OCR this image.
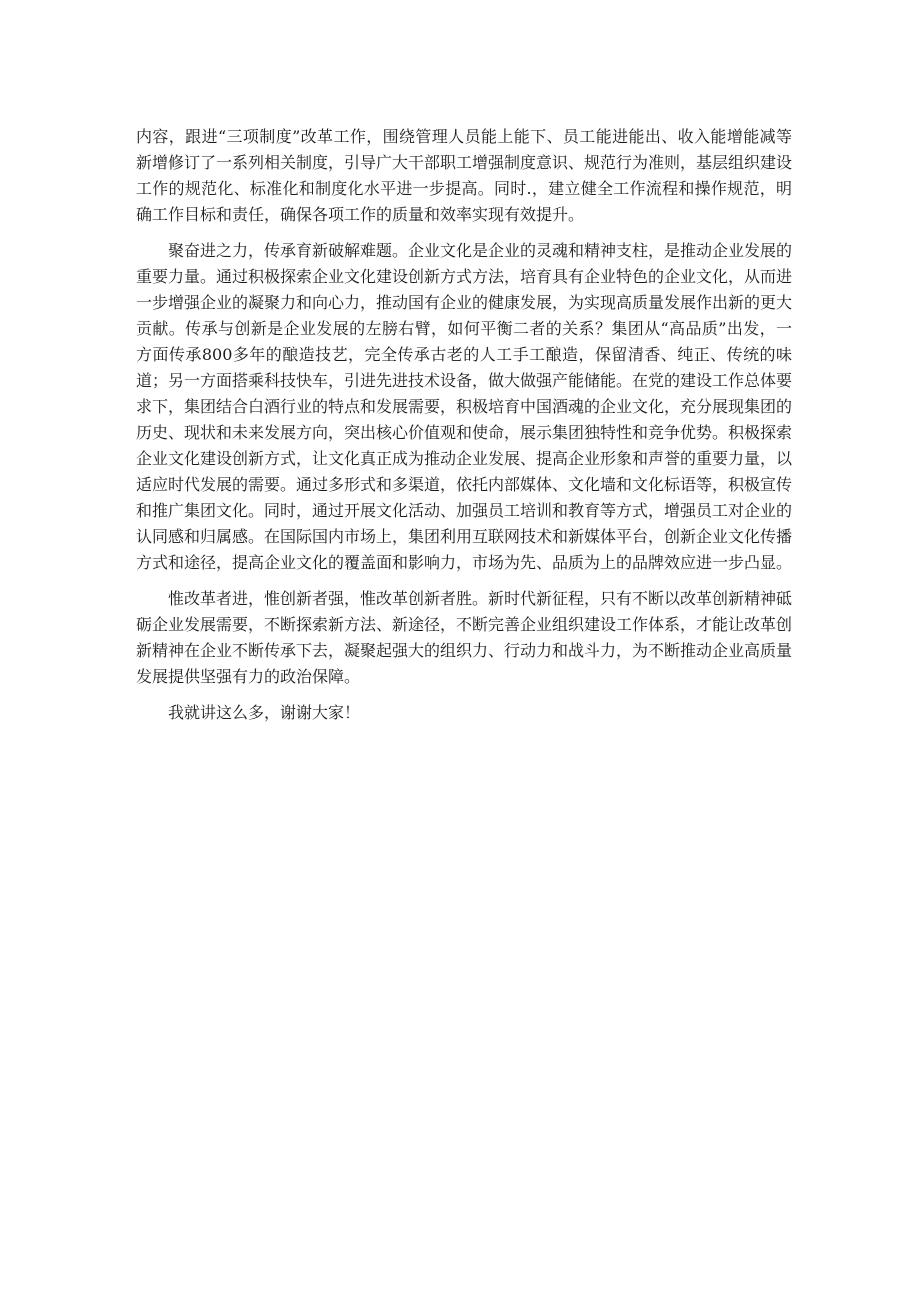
内容，跟进“三项制度”改革工作，围绕管理人员能上能下、员工能进能出、收入能增能减等新增修订了一系列相关制度，引导广大干部职工增强制度意识、规范行为准则，基层组织建设工作的规范化、标准化和制度化水平进一步提高。同时.，建立健全工作流程和操作规范，明确工作目标和责任，确保各项工作的质量和效率实现有效提升。

聚奋进之力，传承育新破解难题。企业文化是企业的灵魂和精神支柱，是推动企业发展的重要力量。通过积极探索企业文化建设创新方式方法，培育具有企业特色的企业文化，从而进一步增强企业的凝聚力和向心力，推动国有企业的健康发展，为实现高质量发展作出新的更大贡献。传承与创新是企业发展的左膀右臂，如何平衡二者的关系？集团从“高品质”出发，一方面传承800多年的酿造技艺，完全传承古老的人工手工酿造，保留清香、纯正、传统的味道；另一方面搭乘科技快车，引进先进技术设备，做大做强产能储能。在党的建设工作总体要求下，集团结合白酒行业的特点和发展需要，积极培育中国酒魂的企业文化，充分展现集团的历史、现状和未来发展方向，突出核心价值观和使命，展示集团独特性和竞争优势。积极探索企业文化建设创新方式，让文化真正成为推动企业发展、提高企业形象和声誉的重要力量，以适应时代发展的需要。通过多形式和多渠道，依托内部媒体、文化墙和文化标语等，积极宣传和推广集团文化。同时，通过开展文化活动、加强员工培训和教育等方式，增强员工对企业的认同感和归属感。在国际国内市场上，集团利用互联网技术和新媒体平台，创新企业文化传播方式和途径，提高企业文化的覆盖面和影响力，市场为先、品质为上的品牌效应进一步凸显。

惟改革者进，惟创新者强，惟改革创新者胜。新时代新征程，只有不断以改革创新精神砥砺企业发展需要，不断探索新方法、新途径，不断完善企业组织建设工作体系，才能让改革创新精神在企业不断传承下去，凝聚起强大的组织力、行动力和战斗力，为不断推动企业高质量发展提供坚强有力的政治保障。

我就讲这么多，谢谢大家！
